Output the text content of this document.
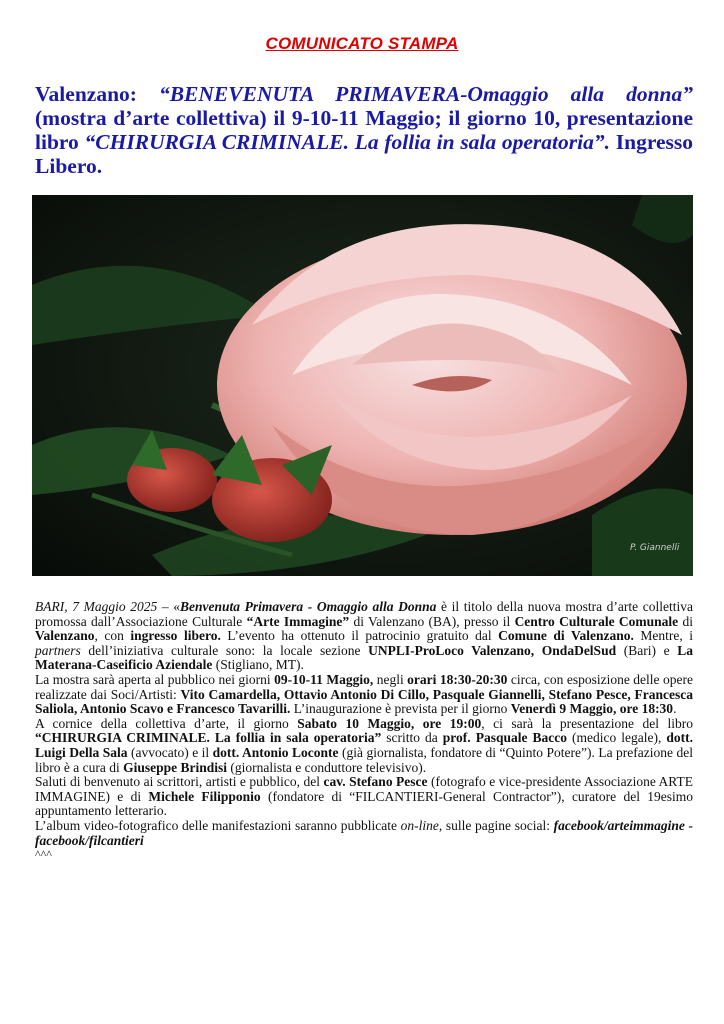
COMUNICATO STAMPA
Valenzano: “BENEVENUTA PRIMAVERA-Omaggio alla donna” (mostra d’arte collettiva) il 9-10-11 Maggio; il giorno 10, presentazione libro “CHIRURGIA CRIMINALE. La follia in sala operatoria”. Ingresso Libero.
P. Giannelli

BARI, 7 Maggio 2025 – «Benvenuta Primavera - Omaggio alla Donna è il titolo della nuova mostra d’arte collettiva promossa dall’Associazione Culturale “Arte Immagine” di Valenzano (BA), presso il Centro Culturale Comunale di Valenzano, con ingresso libero. L’evento ha ottenuto il patrocinio gratuito dal Comune di Valenzano. Mentre, i partners dell’iniziativa culturale sono: la locale sezione UNPLI-ProLoco Valenzano, OndaDelSud (Bari) e La Materana-Caseificio Aziendale (Stigliano, MT).

La mostra sarà aperta al pubblico nei giorni 09-10-11 Maggio, negli orari 18:30-20:30 circa, con esposizione delle opere realizzate dai Soci/Artisti: Vito Camardella, Ottavio Antonio Di Cillo, Pasquale Giannelli, Stefano Pesce, Francesca Saliola, Antonio Scavo e Francesco Tavarilli. L’inaugurazione è prevista per il giorno Venerdì 9 Maggio, ore 18:30.

A cornice della collettiva d’arte, il giorno Sabato 10 Maggio, ore 19:00, ci sarà la presentazione del libro “CHIRURGIA CRIMINALE. La follia in sala operatoria” scritto da prof. Pasquale Bacco (medico legale), dott. Luigi Della Sala (avvocato) e il dott. Antonio Loconte (già giornalista, fondatore di “Quinto Potere”). La prefazione del libro è a cura di Giuseppe Brindisi (giornalista e conduttore televisivo).

Saluti di benvenuto ai scrittori, artisti e pubblico, del cav. Stefano Pesce (fotografo e vice-presidente Associazione ARTE IMMAGINE) e di Michele Filipponio (fondatore di “FILCANTIERI-General Contractor”), curatore del 19esimo appuntamento letterario.

L’album video-fotografico delle manifestazioni saranno pubblicate on-line, sulle pagine social: facebook/arteimmagine - facebook/filcantieri

^^^
